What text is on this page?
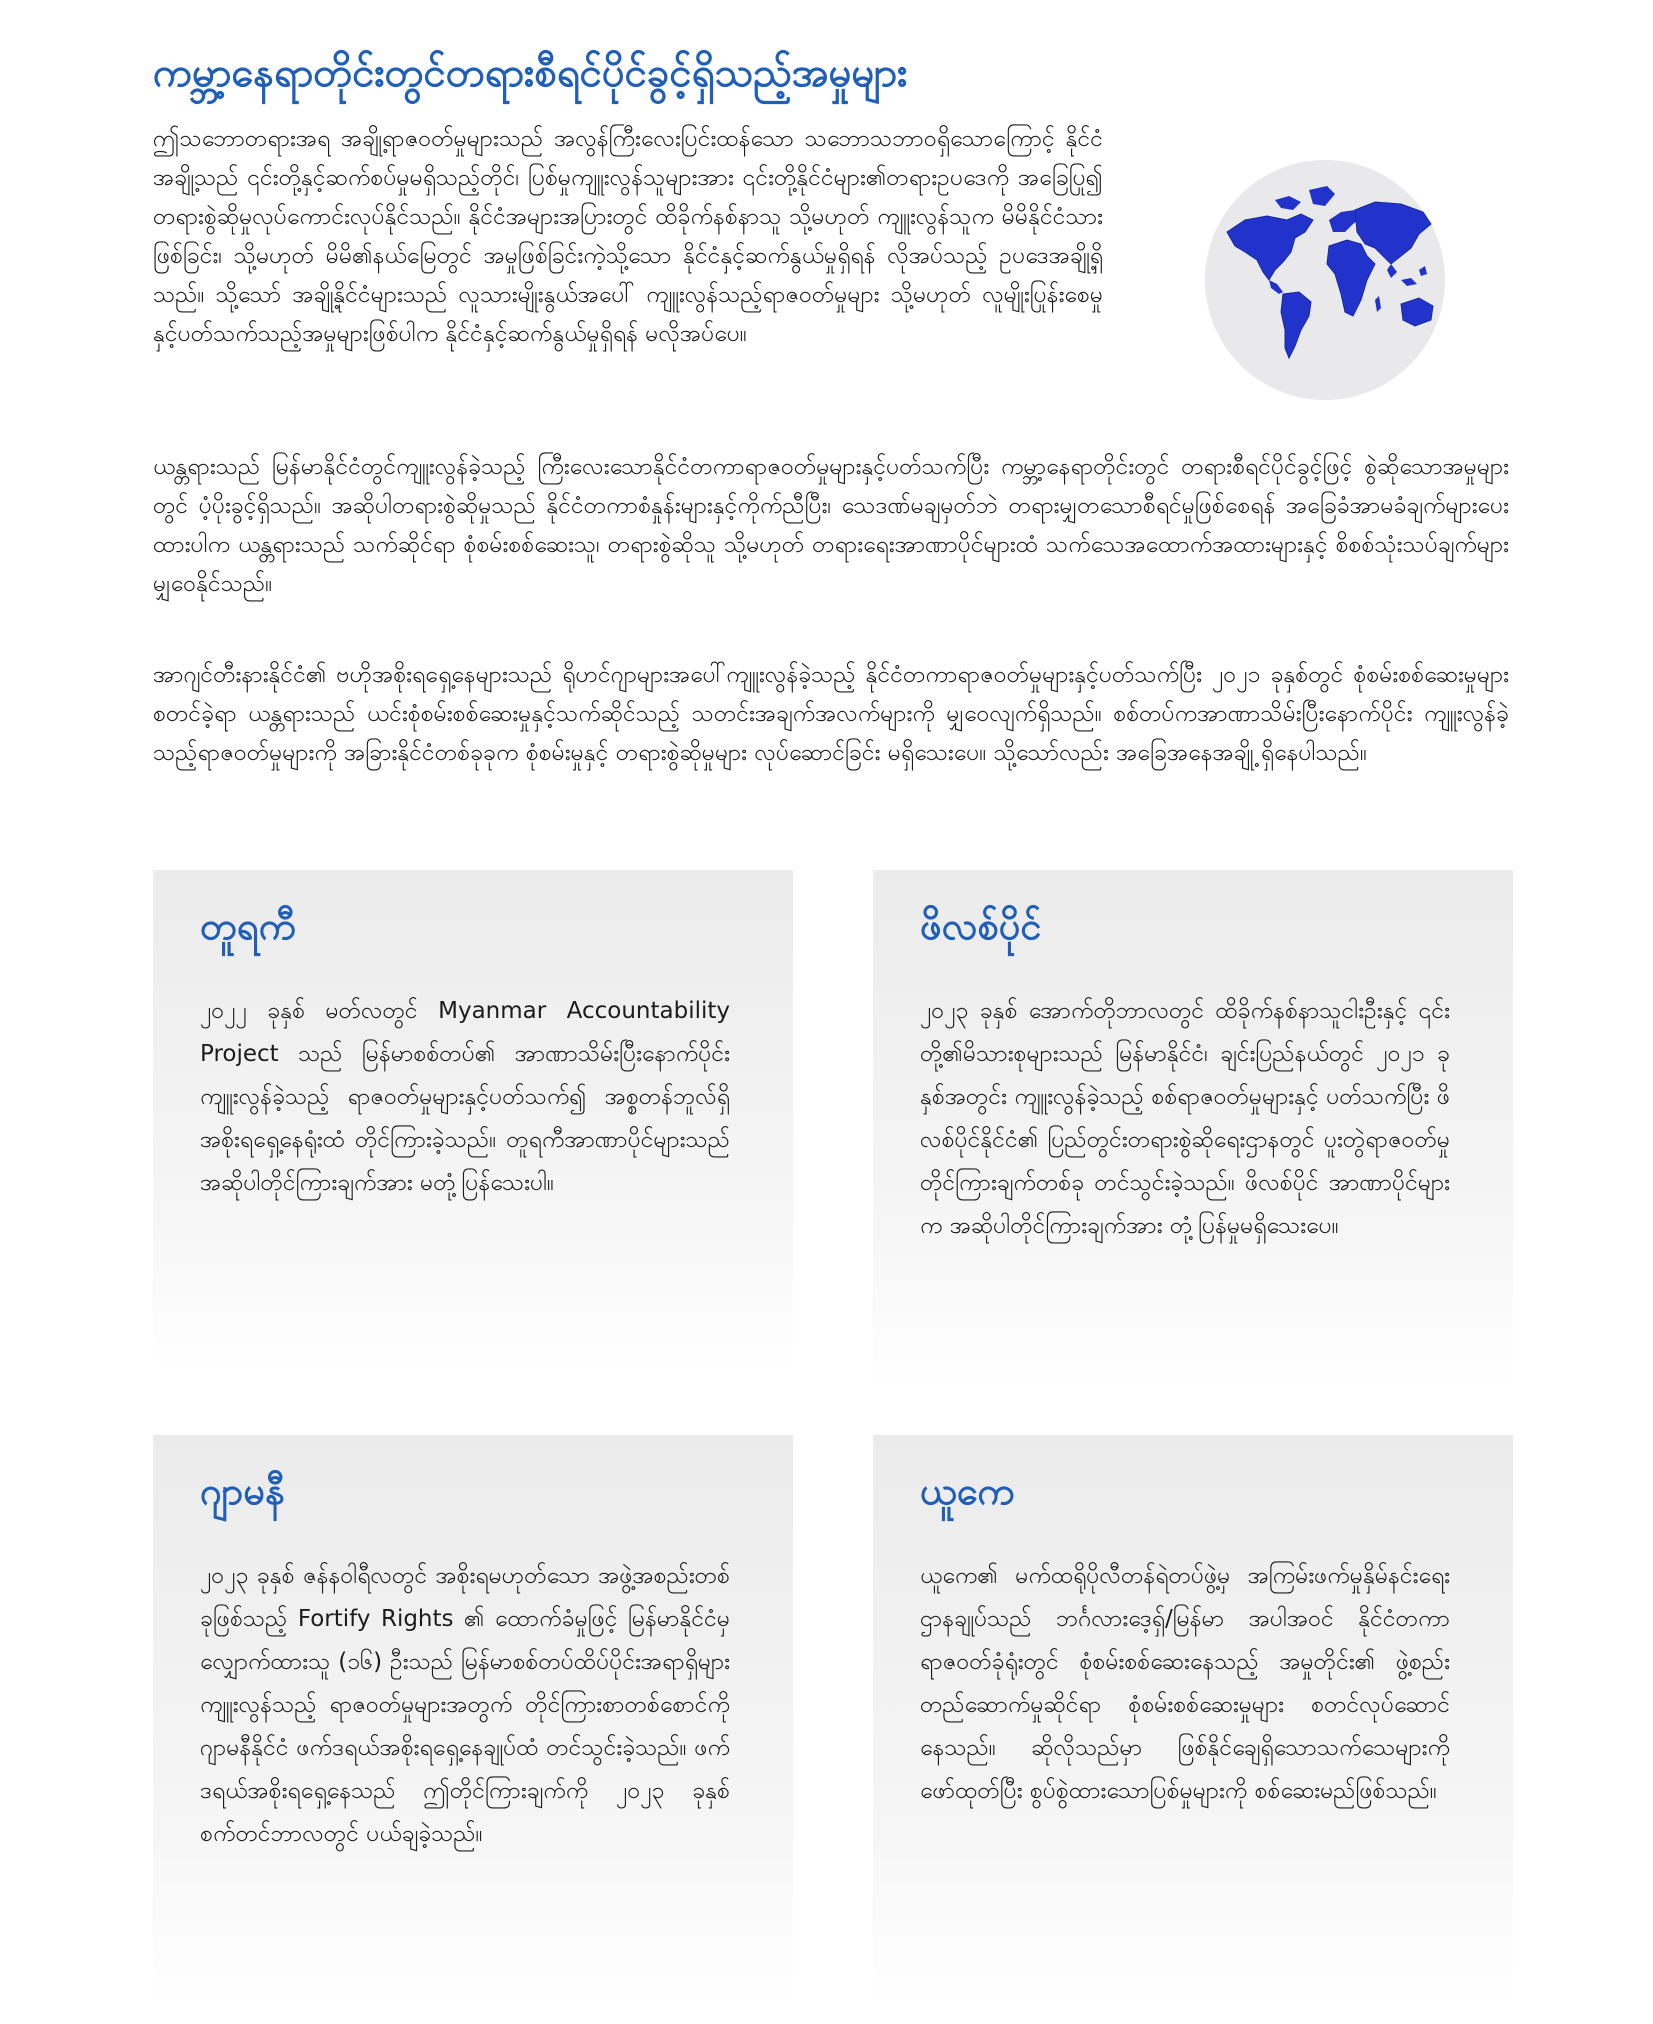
ကမ္ဘာ့နေရာတိုင်းတွင်တရားစီရင်ပိုင်ခွင့်ရှိသည့်အမှုများ

ဤသဘောတရားအရ အချို့ရာဇဝတ်မှုများသည် အလွန်ကြီးလေးပြင်းထန်သော သဘောသဘာဝရှိသောကြောင့် နိုင်ငံအချို့သည် ၎င်းတို့နှင့်ဆက်စပ်မှုမရှိသည့်တိုင်၊ ပြစ်မှုကျူးလွန်သူများအား ၎င်းတို့နိုင်ငံများ၏တရားဥပဒေကို အခြေပြု၍ တရားစွဲဆိုမှုလုပ်ကောင်းလုပ်နိုင်သည်။ နိုင်ငံအများအပြားတွင် ထိခိုက်နစ်နာသူ သို့မဟုတ် ကျူးလွန်သူက မိမိနိုင်ငံသားဖြစ်ခြင်း၊ သို့မဟုတ် မိမိ၏နယ်မြေတွင် အမှုဖြစ်ခြင်းကဲ့သို့သော နိုင်ငံနှင့်ဆက်နွယ်မှုရှိရန် လိုအပ်သည့် ဥပဒေအချို့ရှိသည်။ သို့သော် အချို့နိုင်ငံများသည် လူသားမျိုးနွယ်အပေါ် ကျူးလွန်သည့်ရာဇဝတ်မှုများ သို့မဟုတ် လူမျိုးပြုန်းစေမှုနှင့်ပတ်သက်သည့်အမှုများဖြစ်ပါက နိုင်ငံနှင့်ဆက်နွယ်မှုရှိရန် မလိုအပ်ပေ။

ယန္တရားသည် မြန်မာနိုင်ငံတွင်ကျူးလွန်ခဲ့သည့် ကြီးလေးသောနိုင်ငံတကာရာဇဝတ်မှုများနှင့်ပတ်သက်ပြီး ကမ္ဘာ့နေရာတိုင်းတွင် တရားစီရင်ပိုင်ခွင့်ဖြင့် စွဲဆိုသောအမှုများတွင် ပံ့ပိုးခွင့်ရှိသည်။ အဆိုပါတရားစွဲဆိုမှုသည် နိုင်ငံတကာစံနှုန်းများနှင့်ကိုက်ညီပြီး၊ သေဒဏ်မချမှတ်ဘဲ တရားမျှတသောစီရင်မှုဖြစ်စေရန် အခြေခံအာမခံချက်များပေးထားပါက ယန္တရားသည် သက်ဆိုင်ရာ စုံစမ်းစစ်ဆေးသူ၊ တရားစွဲဆိုသူ သို့မဟုတ် တရားရေးအာဏာပိုင်များထံ သက်သေအထောက်အထားများနှင့် စိစစ်သုံးသပ်ချက်များ မျှဝေနိုင်သည်။

အာဂျင်တီးနားနိုင်ငံ၏ ဗဟိုအစိုးရရှေ့နေများသည် ရိုဟင်ဂျာများအပေါ်ကျူးလွန်ခဲ့သည့် နိုင်ငံတကာရာဇဝတ်မှုများနှင့်ပတ်သက်ပြီး ၂၀၂၁ ခုနှစ်တွင် စုံစမ်းစစ်ဆေးမှုများစတင်ခဲ့ရာ ယန္တရားသည် ယင်းစုံစမ်းစစ်ဆေးမှုနှင့်သက်ဆိုင်သည့် သတင်းအချက်အလက်များကို မျှဝေလျက်ရှိသည်။ စစ်တပ်ကအာဏာသိမ်းပြီးနောက်ပိုင်း ကျူးလွန်ခဲ့သည့်ရာဇဝတ်မှုများကို အခြားနိုင်ငံတစ်ခုခုက စုံစမ်းမှုနှင့် တရားစွဲဆိုမှုများ လုပ်ဆောင်ခြင်း မရှိသေးပေ။ သို့သော်လည်း အခြေအနေအချို့ ရှိနေပါသည်။

တူရကီ

၂၀၂၂ ခုနှစ် မတ်လတွင် Myanmar Accountability Project သည် မြန်မာစစ်တပ်၏ အာဏာသိမ်းပြီးနောက်ပိုင်း ကျူးလွန်ခဲ့သည့် ရာဇဝတ်မှုများနှင့်ပတ်သက်၍ အစ္စတန်ဘူလ်ရှိ အစိုးရရှေ့နေရုံးထံ တိုင်ကြားခဲ့သည်။ တူရကီအာဏာပိုင်များသည် အဆိုပါတိုင်ကြားချက်အား မတုံ့ပြန်သေးပါ။

ဖိလစ်ပိုင်

၂၀၂၃ ခုနှစ် အောက်တိုဘာလတွင် ထိခိုက်နစ်နာသူငါးဦးနှင့် ၎င်းတို့၏မိသားစုများသည် မြန်မာနိုင်ငံ၊ ချင်းပြည်နယ်တွင် ၂၀၂၁ ခုနှစ်အတွင်း ကျူးလွန်ခဲ့သည့် စစ်ရာဇဝတ်မှုများနှင့် ပတ်သက်ပြီး ဖိလစ်ပိုင်နိုင်ငံ၏ ပြည်တွင်းတရားစွဲဆိုရေးဌာနတွင် ပူးတွဲရာဇဝတ်မှုတိုင်ကြားချက်တစ်ခု တင်သွင်းခဲ့သည်။ ဖိလစ်ပိုင် အာဏာပိုင်များက အဆိုပါတိုင်ကြားချက်အား တုံ့ပြန်မှုမရှိသေးပေ။

ဂျာမနီ

၂၀၂၃ ခုနှစ် ဇန်နဝါရီလတွင် အစိုးရမဟုတ်သော အဖွဲ့အစည်းတစ်ခုဖြစ်သည့် Fortify Rights ၏ ထောက်ခံမှုဖြင့် မြန်မာနိုင်ငံမှ လျှောက်ထားသူ (၁၆) ဦးသည် မြန်မာစစ်တပ်ထိပ်ပိုင်းအရာရှိများ ကျူးလွန်သည့် ရာဇဝတ်မှုများအတွက် တိုင်ကြားစာတစ်စောင်ကို ဂျာမနီနိုင်ငံ ဖက်ဒရယ်အစိုးရရှေ့နေချုပ်ထံ တင်သွင်းခဲ့သည်။ ဖက်ဒရယ်အစိုးရရှေ့နေသည် ဤတိုင်ကြားချက်ကို ၂၀၂၃ ခုနှစ် စက်တင်ဘာလတွင် ပယ်ချခဲ့သည်။

ယူကေ

ယူကေ၏ မက်ထရိုပိုလီတန်ရဲတပ်ဖွဲ့မှ အကြမ်းဖက်မှုနှိမ်နင်းရေးဌာနချုပ်သည် ဘင်္ဂလားဒေ့ရှ်/မြန်မာ အပါအဝင် နိုင်ငံတကာ ရာဇဝတ်ခုံရုံးတွင် စုံစမ်းစစ်ဆေးနေသည့် အမှုတိုင်း၏ ဖွဲ့စည်းတည်ဆောက်မှုဆိုင်ရာ စုံစမ်းစစ်ဆေးမှုများ စတင်လုပ်ဆောင်နေသည်။ ဆိုလိုသည်မှာ ဖြစ်နိုင်ချေရှိသောသက်သေများကို ဖော်ထုတ်ပြီး စွပ်စွဲထားသောပြစ်မှုများကို စစ်ဆေးမည်ဖြစ်သည်။
